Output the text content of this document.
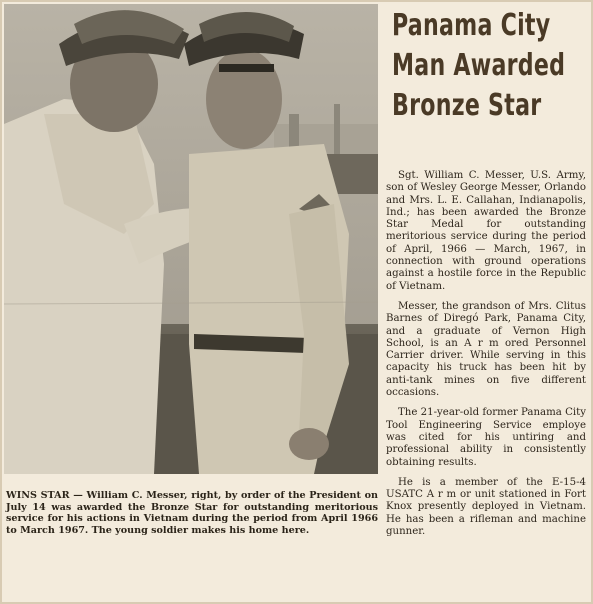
WINS STAR — William C. Messer, right, by order of the President on July 14 was awarded the Bronze Star for outstanding meritorious service for his actions in Vietnam during the period from April 1966 to March 1967. The young soldier makes his home here.
Panama City
Man Awarded
Bronze Star

Sgt. William C. Messer, U.S. Army, son of Wesley George Messer, Orlando and Mrs. L. E. Callahan, Indianapolis, Ind.; has been awarded the Bronze Star Medal for outstanding meritorious service during the period of April, 1966 — March, 1967, in connection with ground operations against a hostile force in the Republic of Vietnam.

Messer, the grandson of Mrs. Clitus Barnes of Diregó Park, Panama City, and a graduate of Vernon High School, is an A r m ored Personnel Carrier driver. While serving in this capacity his truck has been hit by anti-tank mines on five different occasions.

The 21-year-old former Panama City Tool Engineering Service employe was cited for his untiring and professional ability in consistently obtaining results.

He is a member of the E-15-4 USATC A r m or unit stationed in Fort Knox presently deployed in Vietnam. He has been a rifleman and machine gunner.
